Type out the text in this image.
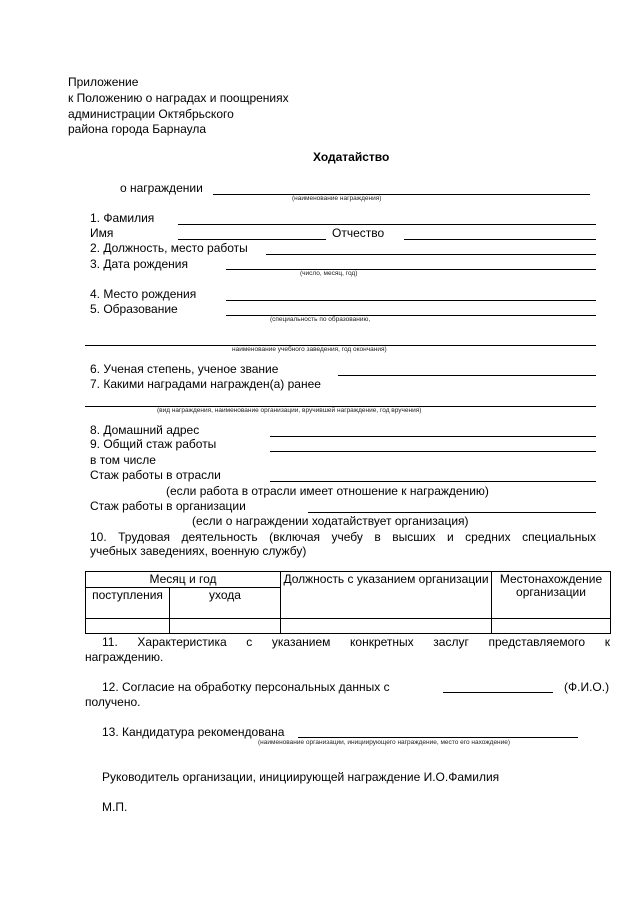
Приложение
к Положению о наградах и поощрениях
администрации Октябрьского
района города Барнаула
Ходатайство
о награждении
(наименование награждения)
1. Фамилия
Имя	Отчество
2. Должность, место работы
3. Дата рождения
(число, месяц, год)
4. Место рождения
5. Образование
(специальность по образованию,
наименование учебного заведения, год окончания)
6. Ученая степень, ученое звание
7. Какими наградами награжден(а) ранее
(вид награждения, наименование организации, вручившей награждение, год вручения)
8. Домашний адрес
9. Общий стаж работы
в том числе
Стаж работы в отрасли
(если работа в отрасли имеет отношение к награждению)
Стаж работы в организации
(если о награждении ходатайствует организация)
10. Трудовая деятельность (включая учебу в высших и средних специальных
учебных заведениях, военную службу)
Месяц и год		Должность с указанием организации	Местонахождение организации
поступления	ухода		

11. Характеристика с указанием конкретных заслуг представляемого к
награждению.
12. Согласие на обработку персональных данных с	(Ф.И.О.)
получено.
13. Кандидатура рекомендована
(наименование организации, инициирующего награждение, место его нахождение)
Руководитель организации, инициирующей награждение И.О.Фамилия
М.П.
